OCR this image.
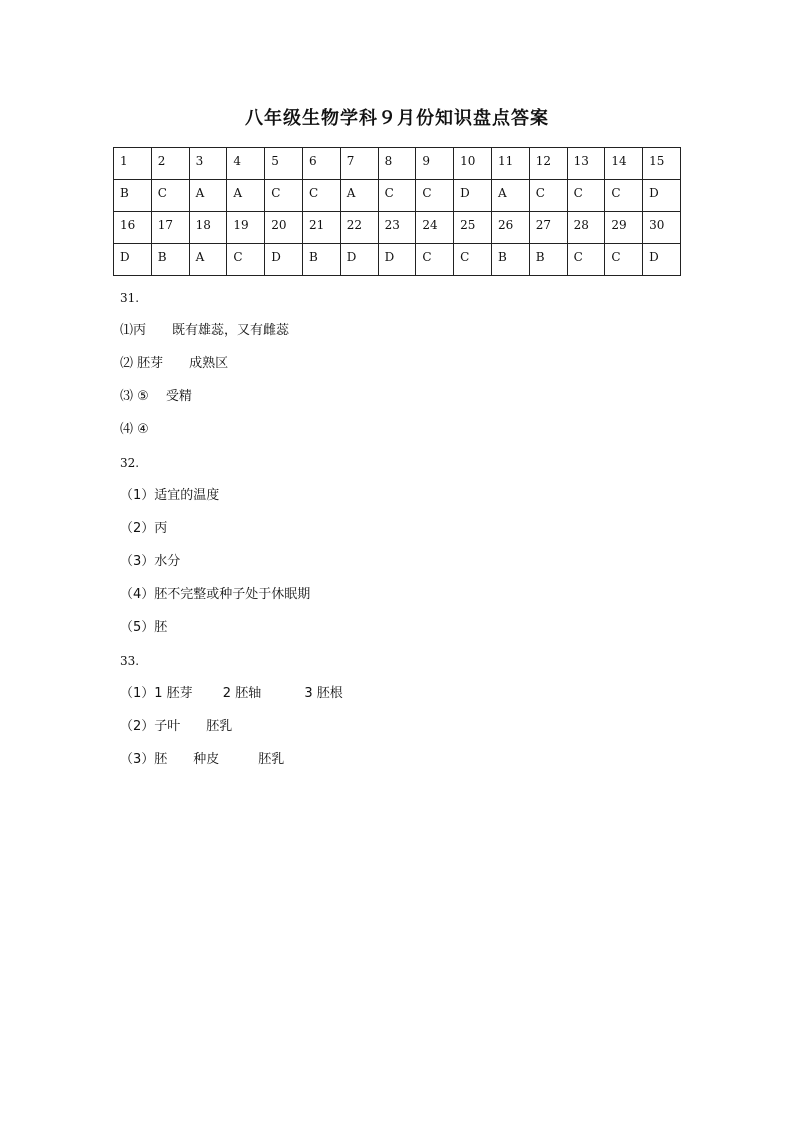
八年级生物学科９月份知识盘点答案
1	2	3	4	5	6	7	8	9	10	11	12	13	14	15
B	C	A	A	C	C	A	C	C	D	A	C	C	C	D
16	17	18	19	20	21	22	23	24	25	26	27	28	29	30
D	B	A	C	D	B	D	D	C	C	B	B	C	C	D
31.
⑴丙　　既有雄蕊，又有雌蕊
⑵ 胚芽　　成熟区
⑶ ⑤　 受精
⑷ ④
32.
（1）适宜的温度
（2）丙
（3）水分
（4）胚不完整或种子处于休眠期
（5）胚
33.
（1）1 胚芽　　 2 胚轴　　　 3 胚根
（2）子叶　　胚乳
（3）胚　　种皮　　　胚乳
